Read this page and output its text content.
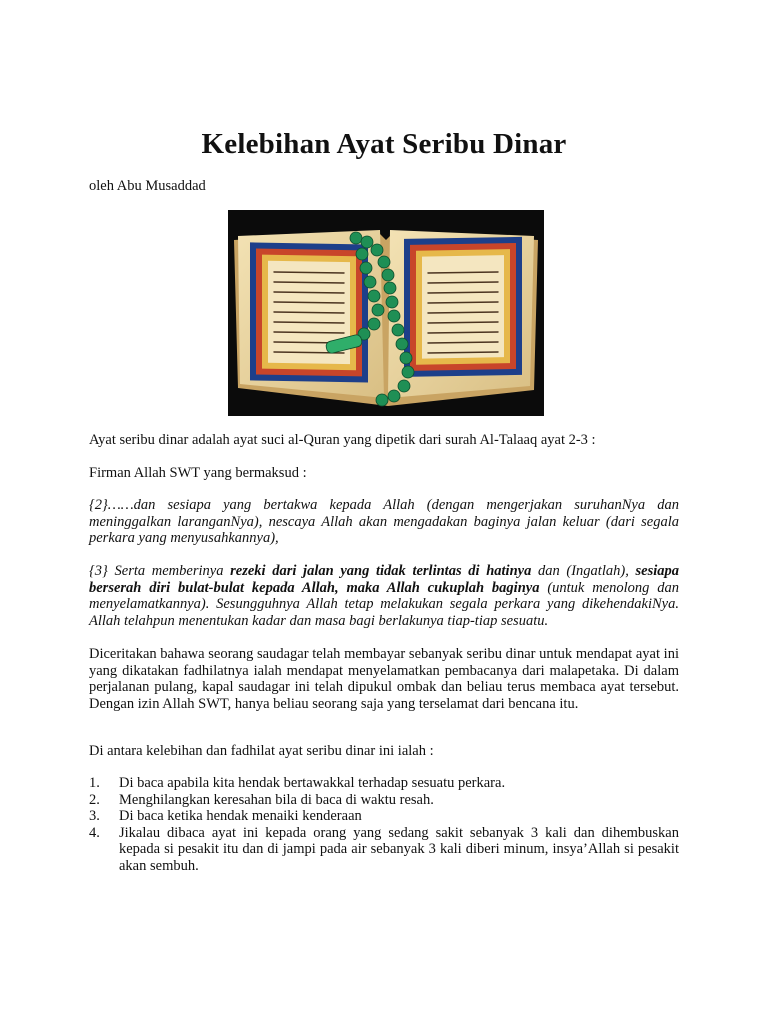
Kelebihan Ayat Seribu Dinar
oleh Abu Musaddad

Ayat seribu dinar adalah ayat suci al-Quran yang dipetik dari surah Al-Talaaq ayat 2-3 :

Firman Allah SWT yang bermaksud :

{2}……dan sesiapa yang bertakwa kepada Allah (dengan mengerjakan suruhanNya dan meninggalkan laranganNya), nescaya Allah akan mengadakan baginya jalan keluar (dari segala perkara yang menyusahkannya),

{3} Serta memberinya rezeki dari jalan yang tidak terlintas di hatinya dan (Ingatlah), sesiapa berserah diri bulat-bulat kepada Allah, maka Allah cukuplah baginya (untuk menolong dan menyelamatkannya). Sesungguhnya Allah tetap melakukan segala perkara yang dikehendakiNya. Allah telahpun menentukan kadar dan masa bagi berlakunya tiap-tiap sesuatu.

Diceritakan bahawa seorang saudagar telah membayar sebanyak seribu dinar untuk mendapat ayat ini yang dikatakan fadhilatnya ialah mendapat menyelamatkan pembacanya dari malapetaka. Di dalam perjalanan pulang, kapal saudagar ini telah dipukul ombak dan beliau terus membaca ayat tersebut. Dengan izin Allah SWT, hanya beliau seorang saja yang terselamat dari bencana itu.

Di antara kelebihan dan fadhilat ayat seribu dinar ini ialah :

1. Di baca apabila kita hendak bertawakkal terhadap sesuatu perkara.
2. Menghilangkan keresahan bila di baca di waktu resah.
3. Di baca ketika hendak menaiki kenderaan
4. Jikalau dibaca ayat ini kepada orang yang sedang sakit sebanyak 3 kali dan dihembuskan kepada si pesakit itu dan di jampi pada air sebanyak 3 kali diberi minum, insya’Allah si pesakit akan sembuh.
